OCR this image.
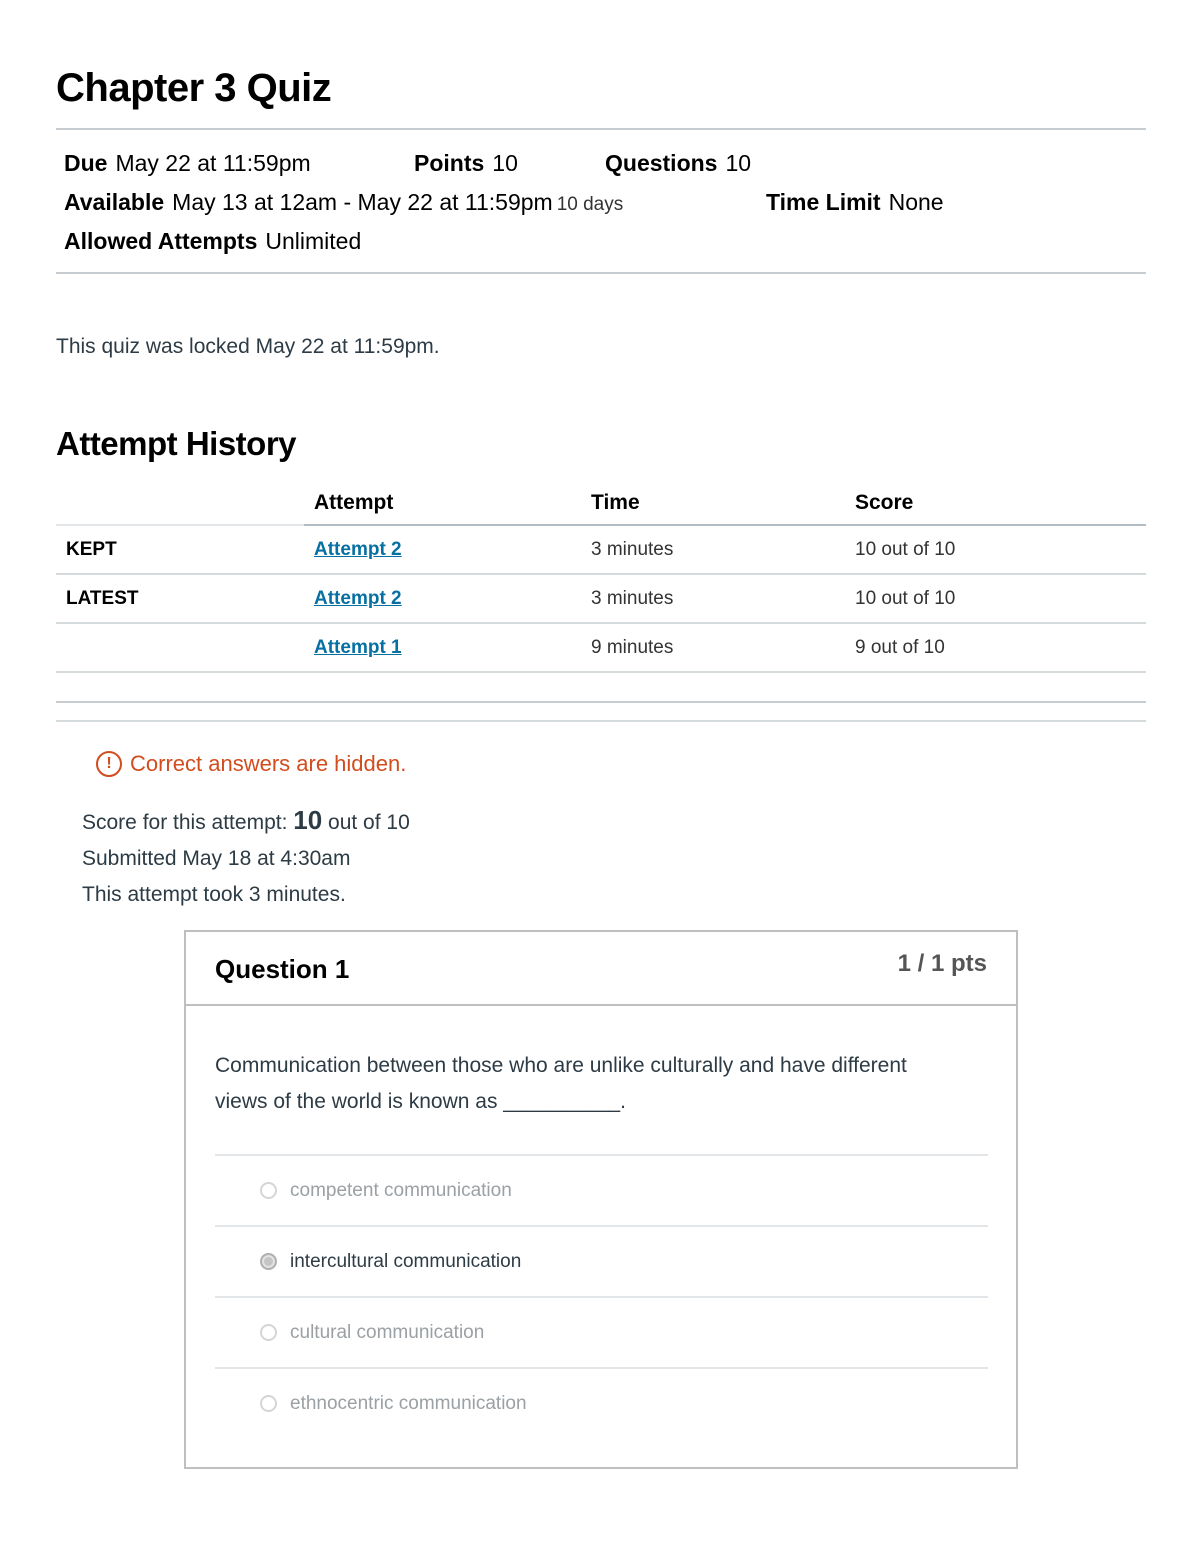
Chapter 3 Quiz
Due May 22 at 11:59pm	Points 10	Questions 10
Available May 13 at 12am - May 22 at 11:59pm 10 days	Time Limit None
Allowed Attempts Unlimited
This quiz was locked May 22 at 11:59pm.
Attempt History
	Attempt	Time	Score
KEPT	Attempt 2	3 minutes	10 out of 10
LATEST	Attempt 2	3 minutes	10 out of 10
	Attempt 1	9 minutes	9 out of 10

! Correct answers are hidden.
Score for this attempt: 10 out of 10
Submitted May 18 at 4:30am
This attempt took 3 minutes.
Question 1	1 / 1 pts
Communication between those who are unlike culturally and have different views of the world is known as __________.
competent communication
intercultural communication
cultural communication
ethnocentric communication
